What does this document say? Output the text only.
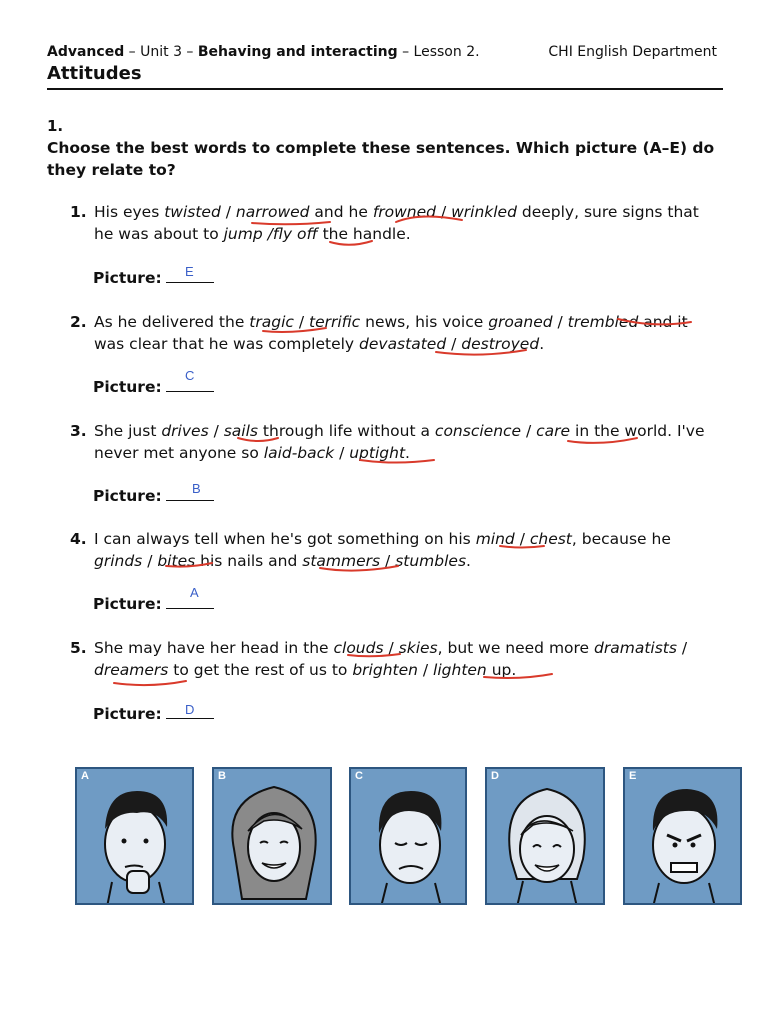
Advanced – Unit 3 – Behaving and interacting – Lesson 2.	CHI English Department
Attitudes
1.
Choose the best words to complete these sentences. Which picture (A–E) do they relate to?
1. His eyes twisted / narrowed and he frowned / wrinkled deeply, sure signs that he was about to jump /fly off the handle.
Picture:	E
2. As he delivered the tragic / terrific news, his voice groaned / trembled and it was clear that he was completely devastated / destroyed.
Picture:
C
3. She just drives / sails through life without a conscience / care in the world. I've never met anyone so laid-back / uptight.
Picture:	B
4. I can always tell when he's got something on his mind / chest, because he grinds / bites his nails and stammers / stumbles.
Picture:
A
5. She may have her head in the clouds / skies, but we need more dramatists / dreamers to get the rest of us to brighten / lighten up.
Picture:	D
A	B	C	D	E
